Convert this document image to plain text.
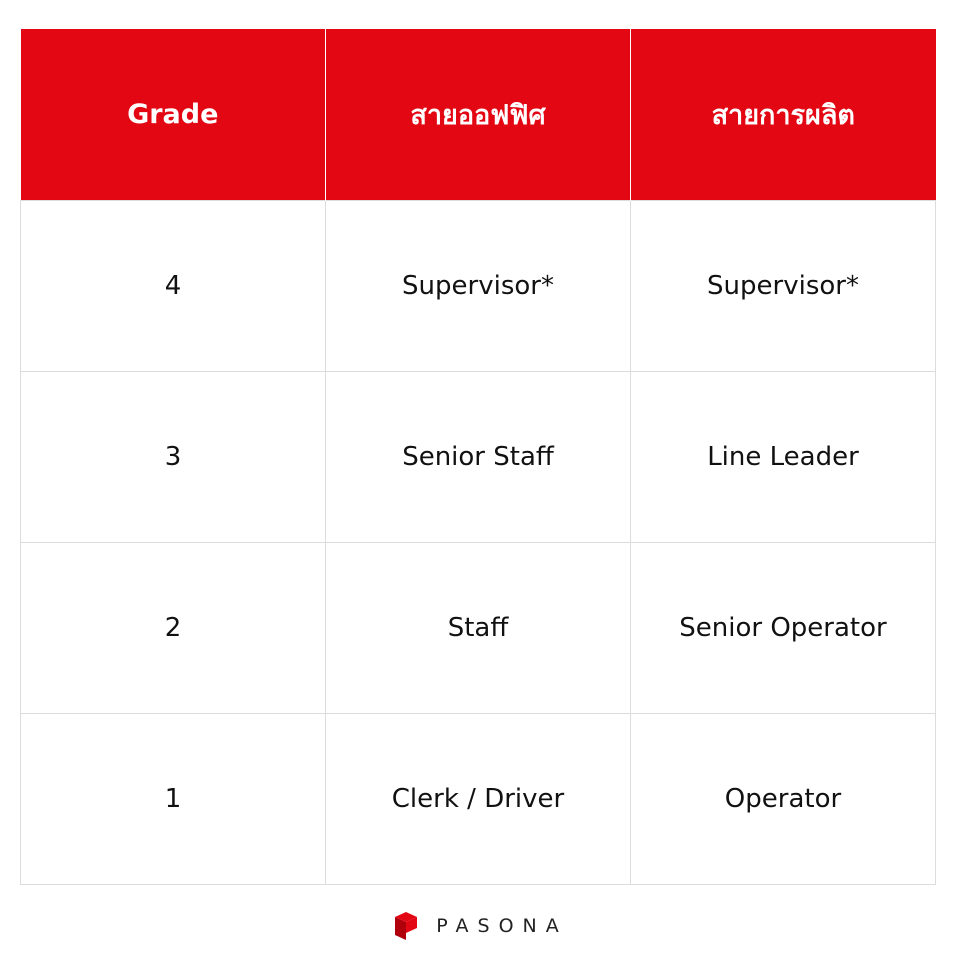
Grade	สายออฟฟิศ	สายการผลิต
4	Supervisor*	Supervisor*
3	Senior Staff	Line Leader
2	Staff	Senior Operator
1	Clerk / Driver	Operator
PASONA
